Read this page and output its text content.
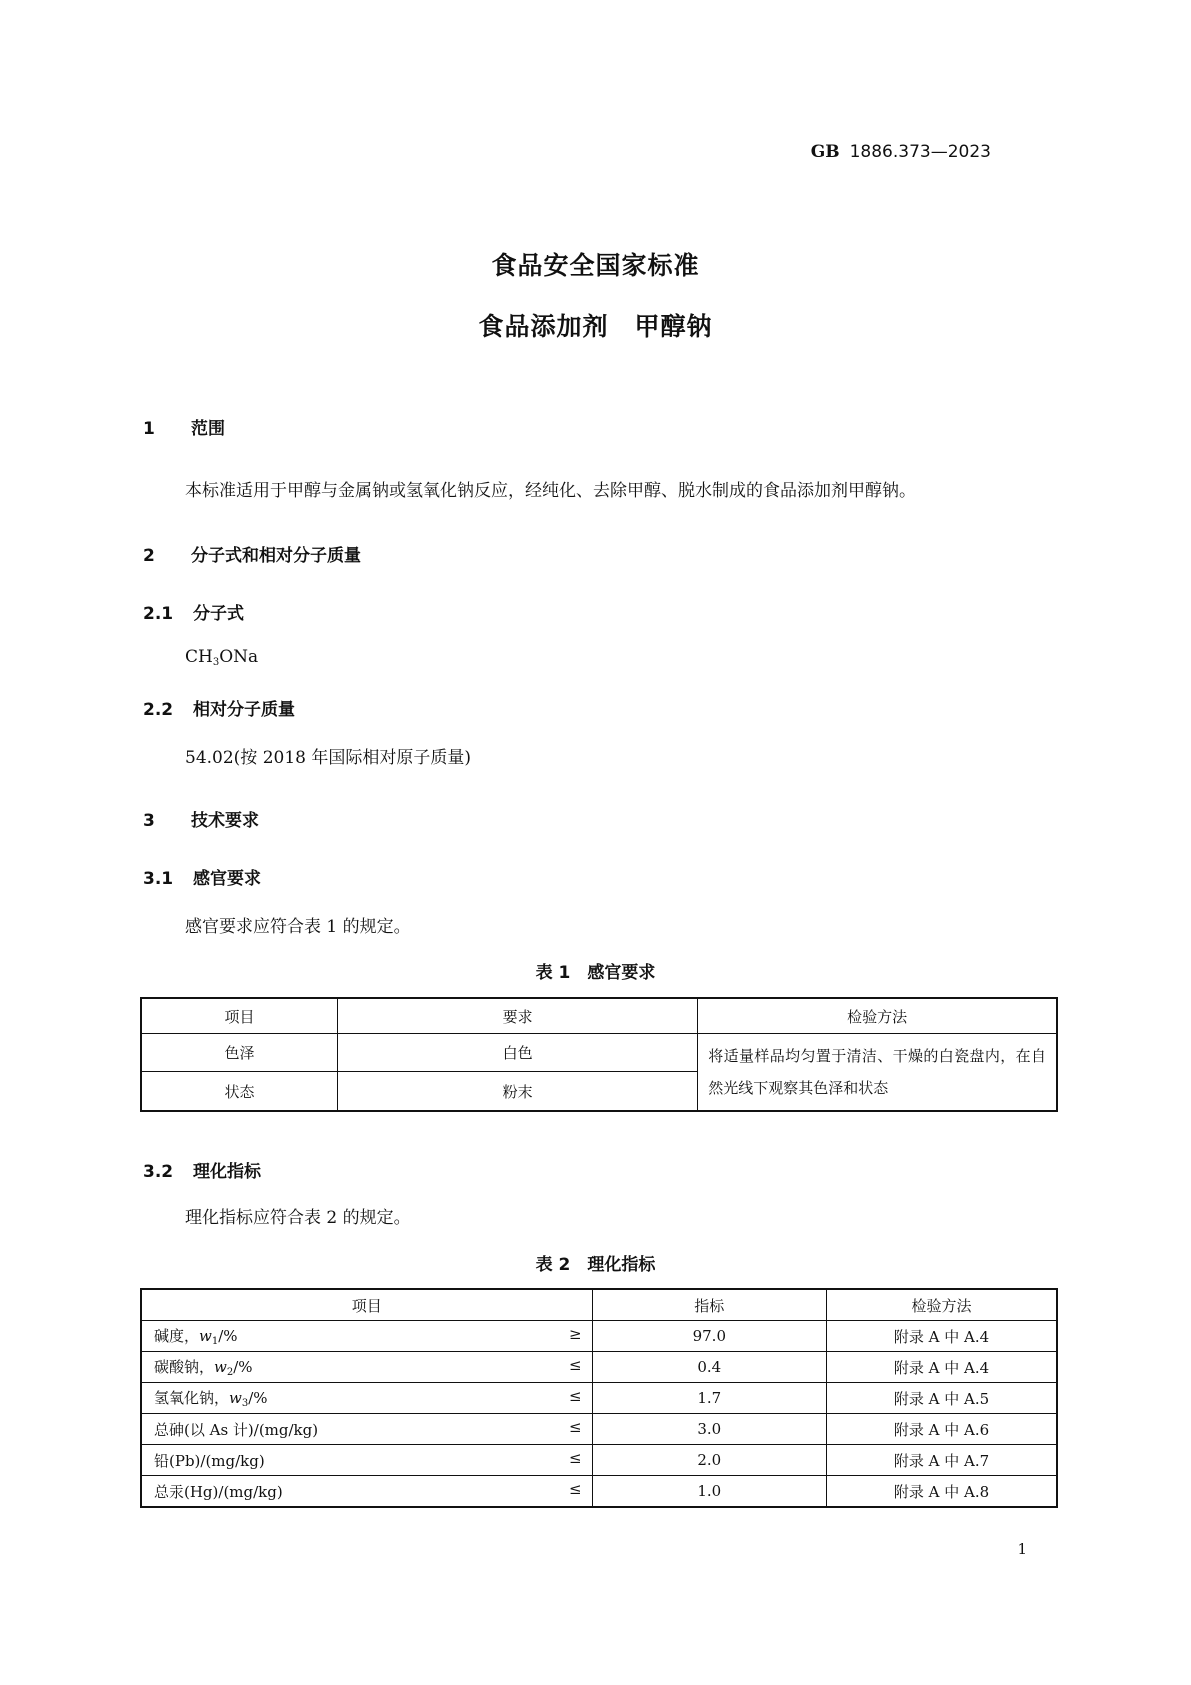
GB 1886.373—2023
食品安全国家标准
食品添加剂　甲醇钠
1 范围
本标准适用于甲醇与金属钠或氢氧化钠反应，经纯化、去除甲醇、脱水制成的食品添加剂甲醇钠。
2 分子式和相对分子质量
2.1 分子式
$CH_3ONa$
2.2 相对分子质量
54.02(按 2018 年国际相对原子质量)
3 技术要求
3.1 感官要求
感官要求应符合表 1 的规定。
表 1　感官要求
项目	要求	检验方法
色泽	白色	将适量样品均匀置于清洁、干燥的白瓷盘内，在自然光线下观察其色泽和状态
状态	粉末	
3.2 理化指标
理化指标应符合表 2 的规定。
表 2　理化指标
项目	指标	检验方法
碱度，$w_1/\%$ ≥	97.0	附录 A 中 A.4
碳酸钠，$w_2/\%$ ≤	0.4	附录 A 中 A.4
氢氧化钠，$w_3/\%$ ≤	1.7	附录 A 中 A.5
总砷(以 As 计)/(mg/kg) ≤	3.0	附录 A 中 A.6
铅(Pb)/(mg/kg) ≤	2.0	附录 A 中 A.7
总汞(Hg)/(mg/kg) ≤	1.0	附录 A 中 A.8
1
